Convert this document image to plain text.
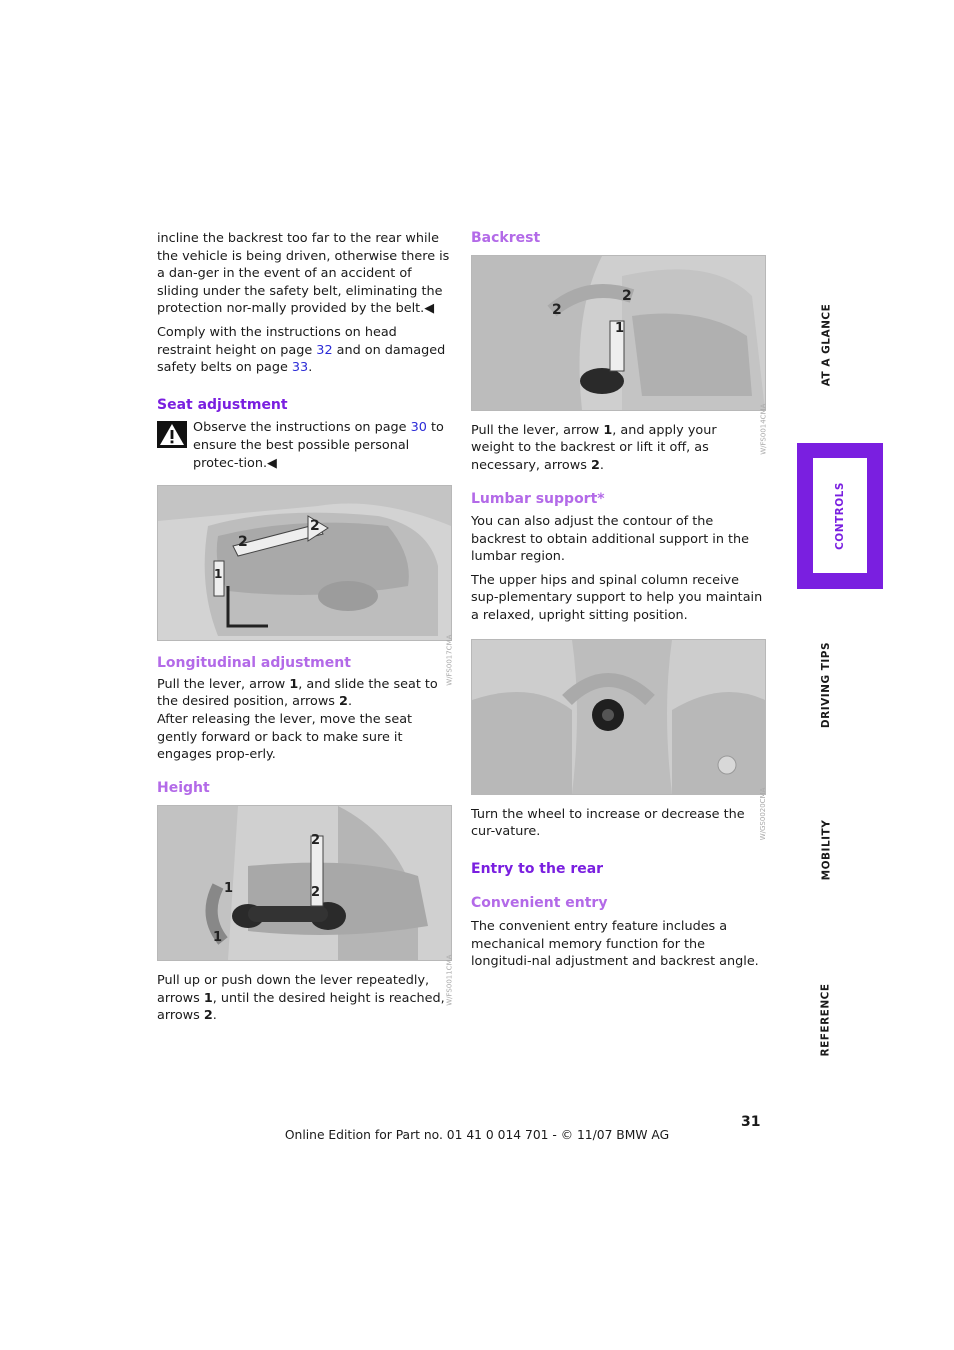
incline the backrest too far to the rear while the vehicle is being driven, otherwise there is a dan-ger in the event of an accident of sliding under the safety belt, eliminating the protection nor-mally provided by the belt.◀

Comply with the instructions on head restraint height on page 32 and on damaged safety belts on page 33.

Seat adjustment

Observe the instructions on page 30 to ensure the best possible personal protec-tion.◀

2
2
1
W/FS0017CMA
Longitudinal adjustment

Pull the lever, arrow 1, and slide the seat to the desired position, arrows 2.

After releasing the lever, move the seat gently forward or back to make sure it engages prop-erly.

Height
2
2
1
1
W/FS0011CMA

Pull up or push down the lever repeatedly, arrows 1, until the desired height is reached, arrows 2.

Backrest
2
2
1
W/FS0014CMA

Pull the lever, arrow 1, and apply your weight to the backrest or lift it off, as necessary, arrows 2.

Lumbar support*

You can also adjust the contour of the backrest to obtain additional support in the lumbar region.

The upper hips and spinal column receive sup-plementary support to help you maintain a relaxed, upright sitting position.

W/GS0020CMA

Turn the wheel to increase or decrease the cur-vature.

Entry to the rear
Convenient entry

The convenient entry feature includes a mechanical memory function for the longitudi-nal adjustment and backrest angle.

AT A GLANCE
CONTROLS
DRIVING TIPS
MOBILITY
REFERENCE
31
Online Edition for Part no. 01 41 0 014 701 - © 11/07 BMW AG
